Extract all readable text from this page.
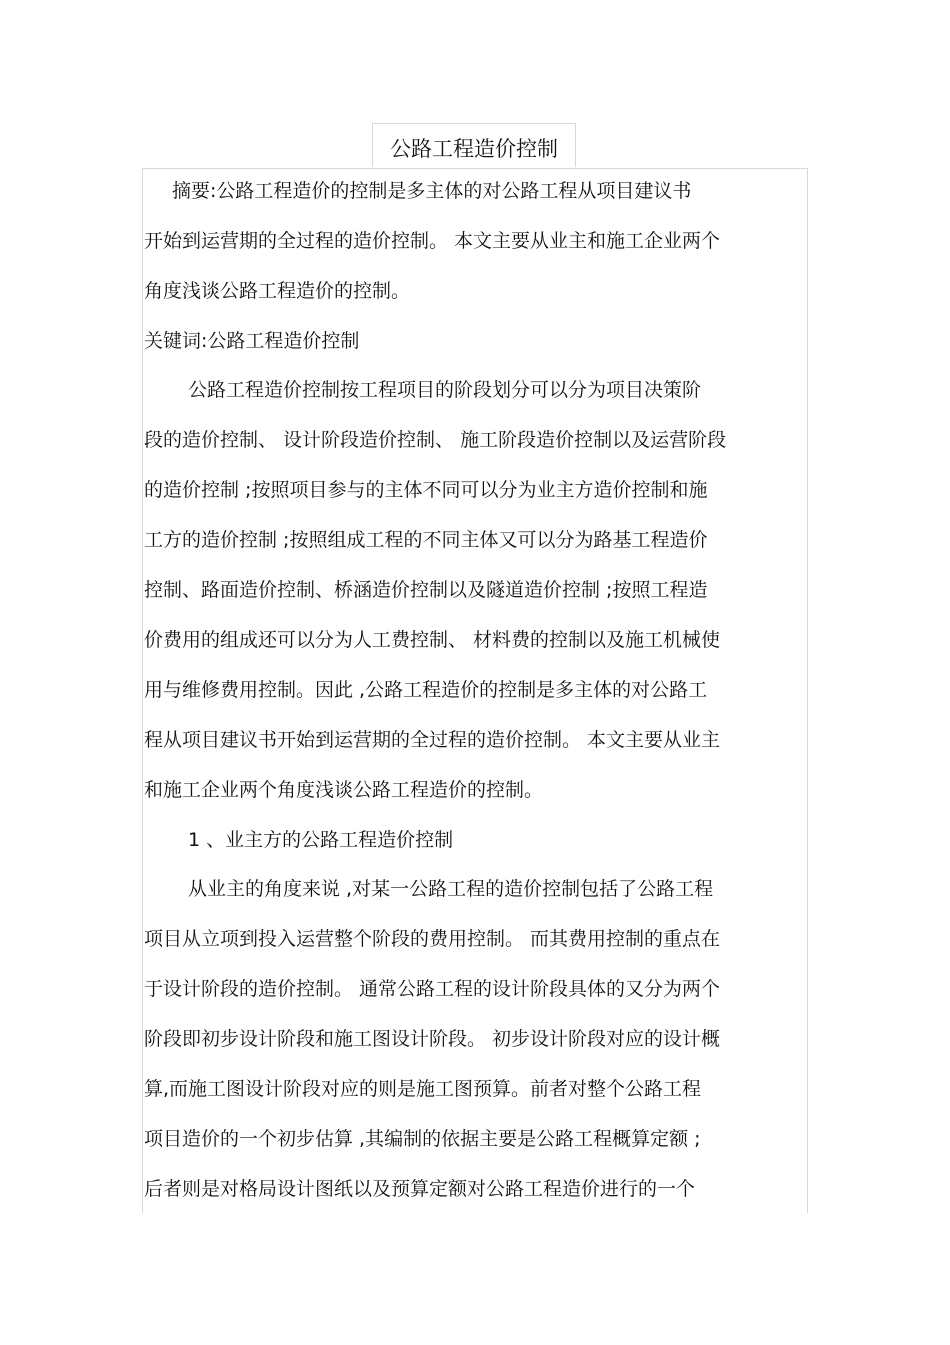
公路工程造价控制
摘要:公路工程造价的控制是多主体的对公路工程从项目建议书
开始到运营期的全过程的造价控制。 本文主要从业主和施工企业两个
角度浅谈公路工程造价的控制。
关键词:公路工程造价控制
公路工程造价控制按工程项目的阶段划分可以分为项目决策阶
段的造价控制、 设计阶段造价控制、 施工阶段造价控制以及运营阶段
的造价控制 ;按照项目参与的主体不同可以分为业主方造价控制和施
工方的造价控制 ;按照组成工程的不同主体又可以分为路基工程造价
控制、路面造价控制、桥涵造价控制以及隧道造价控制 ;按照工程造
价费用的组成还可以分为人工费控制、 材料费的控制以及施工机械使
用与维修费用控制。因此 ,公路工程造价的控制是多主体的对公路工
程从项目建议书开始到运营期的全过程的造价控制。 本文主要从业主
和施工企业两个角度浅谈公路工程造价的控制。
1 、业主方的公路工程造价控制
从业主的角度来说 ,对某一公路工程的造价控制包括了公路工程
项目从立项到投入运营整个阶段的费用控制。 而其费用控制的重点在
于设计阶段的造价控制。 通常公路工程的设计阶段具体的又分为两个
阶段即初步设计阶段和施工图设计阶段。 初步设计阶段对应的设计概
算,而施工图设计阶段对应的则是施工图预算。前者对整个公路工程
项目造价的一个初步估算 ,其编制的依据主要是公路工程概算定额 ;
后者则是对格局设计图纸以及预算定额对公路工程造价进行的一个
